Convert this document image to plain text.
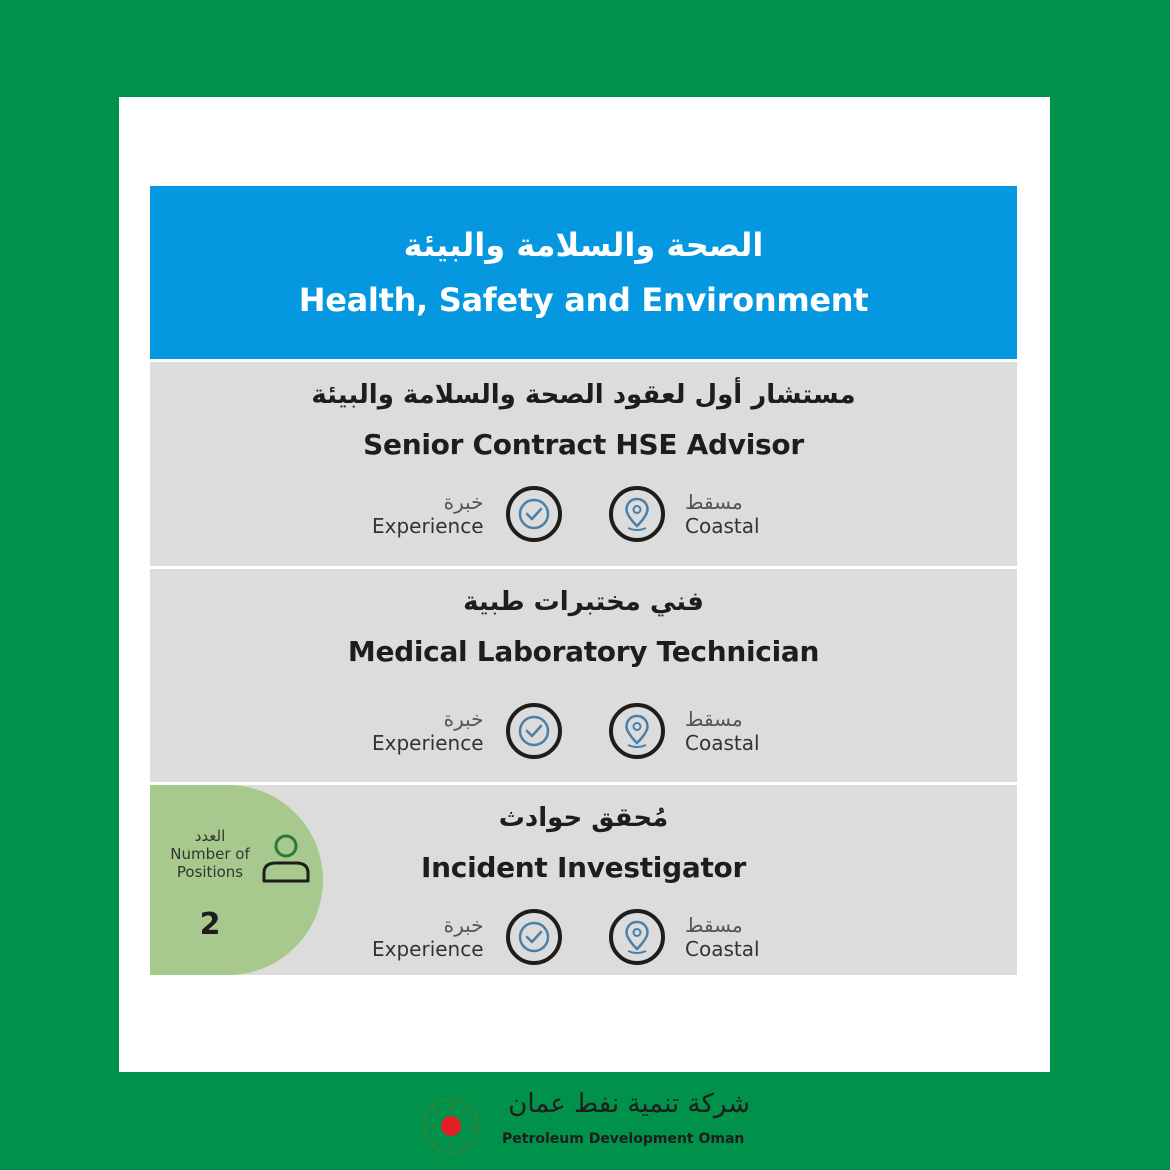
الصحة والسلامة والبيئة
Health, Safety and Environment
مستشار أول لعقود الصحة والسلامة والبيئة
Senior Contract HSE Advisor
خبرة
Experience
مسقط
Coastal
فني مختبرات طبية
Medical Laboratory Technician
خبرة
Experience
مسقط
Coastal
العدد
Number of
Positions
2
مُحقق حوادث
Incident Investigator
خبرة
Experience
مسقط
Coastal
شركة تنمية نفط عمان
Petroleum Development Oman
